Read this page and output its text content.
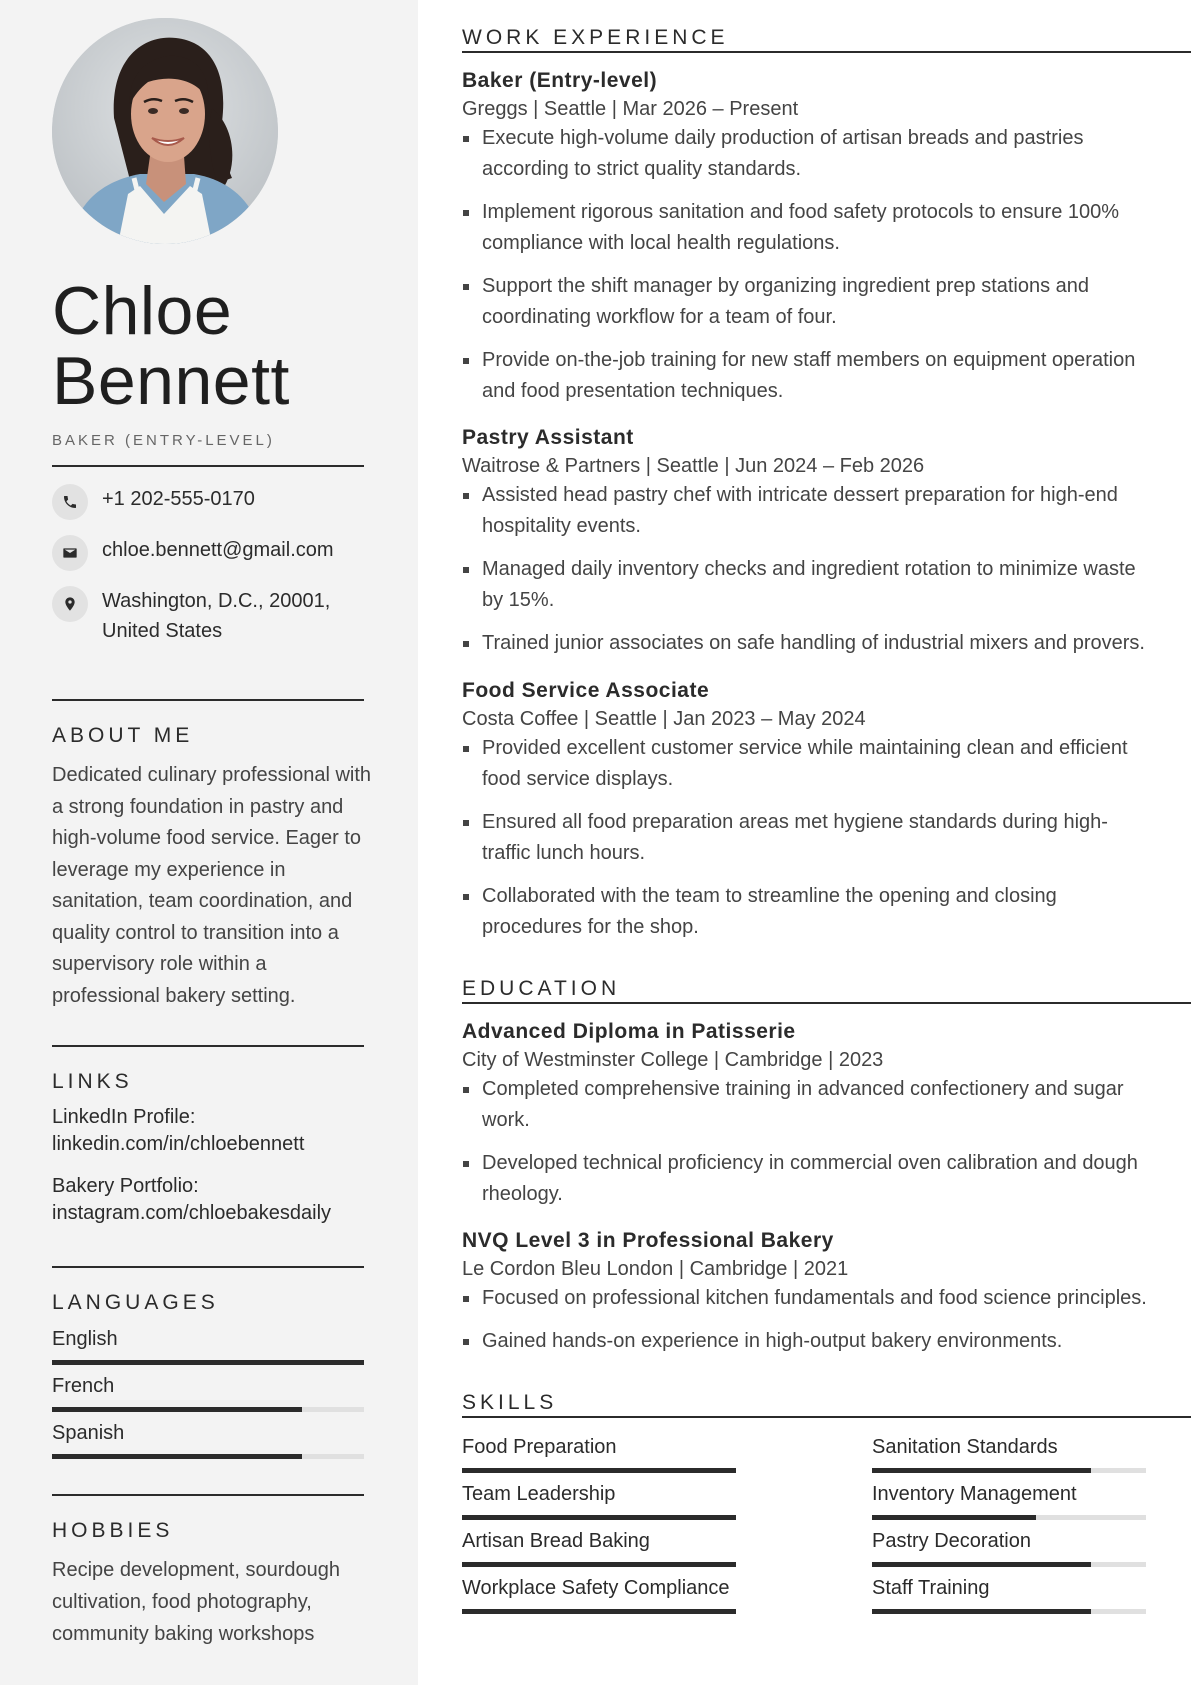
Chloe
Bennett
BAKER (ENTRY-LEVEL)
+1 202-555-0170
chloe.bennett@gmail.com
Washington, D.C., 20001,
United States
ABOUT ME
Dedicated culinary professional with a strong foundation in pastry and high-volume food service. Eager to leverage my experience in sanitation, team coordination, and quality control to transition into a supervisory role within a professional bakery setting.
LINKS
LinkedIn Profile:
linkedin.com/in/chloebennett
Bakery Portfolio:
instagram.com/chloebakesdaily
LANGUAGES
English
French
Spanish
HOBBIES
Recipe development, sourdough cultivation, food photography, community baking workshops
WORK EXPERIENCE
Baker (Entry-level)
Greggs | Seattle | Mar 2026 – Present
Execute high-volume daily production of artisan breads and pastries according to strict quality standards.
Implement rigorous sanitation and food safety protocols to ensure 100% compliance with local health regulations.
Support the shift manager by organizing ingredient prep stations and coordinating workflow for a team of four.
Provide on-the-job training for new staff members on equipment operation and food presentation techniques.
Pastry Assistant
Waitrose & Partners | Seattle | Jun 2024 – Feb 2026
Assisted head pastry chef with intricate dessert preparation for high-end hospitality events.
Managed daily inventory checks and ingredient rotation to minimize waste by 15%.
Trained junior associates on safe handling of industrial mixers and provers.
Food Service Associate
Costa Coffee | Seattle | Jan 2023 – May 2024
Provided excellent customer service while maintaining clean and efficient food service displays.
Ensured all food preparation areas met hygiene standards during high-traffic lunch hours.
Collaborated with the team to streamline the opening and closing procedures for the shop.
EDUCATION
Advanced Diploma in Patisserie
City of Westminster College | Cambridge | 2023
Completed comprehensive training in advanced confectionery and sugar work.
Developed technical proficiency in commercial oven calibration and dough rheology.
NVQ Level 3 in Professional Bakery
Le Cordon Bleu London | Cambridge | 2021
Focused on professional kitchen fundamentals and food science principles.
Gained hands-on experience in high-output bakery environments.
SKILLS
Food Preparation	Sanitation Standards
Team Leadership	Inventory Management
Artisan Bread Baking	Pastry Decoration
Workplace Safety Compliance	Staff Training
